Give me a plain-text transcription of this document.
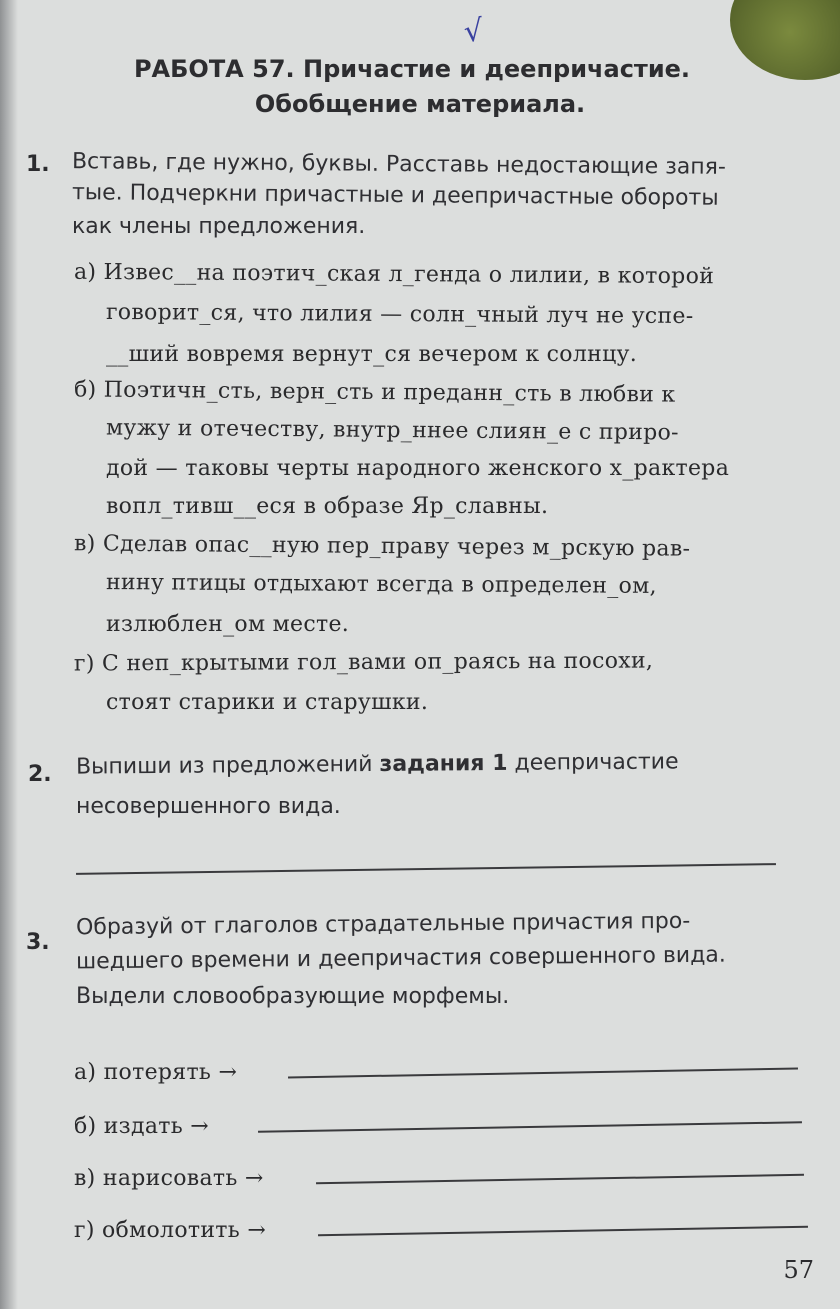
√
РАБОТА 57. Причастие и деепричастие.
Обобщение материала.
1. Вставь, где нужно, буквы. Расставь недостающие запя-
тые. Подчеркни причастные и деепричастные обороты
как члены предложения.
а) Извес__на поэтич_ская л_генда о лилии, в которой
говорит_ся, что лилия — солн_чный луч не успе-
__ший вовремя вернут_ся вечером к солнцу.
б) Поэтичн_сть, верн_сть и преданн_сть в любви к
мужу и отечеству, внутр_ннее слиян_е с приро-
дой — таковы черты народного женского х_рактера
вопл_тивш__еся в образе Яр_славны.
в) Сделав опас__ную пер_праву через м_рскую рав-
нину птицы отдыхают всегда в определен_ом,
излюблен_ом месте.
г) С неп_крытыми гол_вами оп_раясь на посохи,
стоят старики и старушки.
2. Выпиши из предложений задания 1 деепричастие
несовершенного вида.
3.
Образуй от глаголов страдательные причастия про-
шедшего времени и деепричастия совершенного вида.
Выдели словообразующие морфемы.
а) потерять →
б) издать →
в) нарисовать →
г) обмолотить →
57
